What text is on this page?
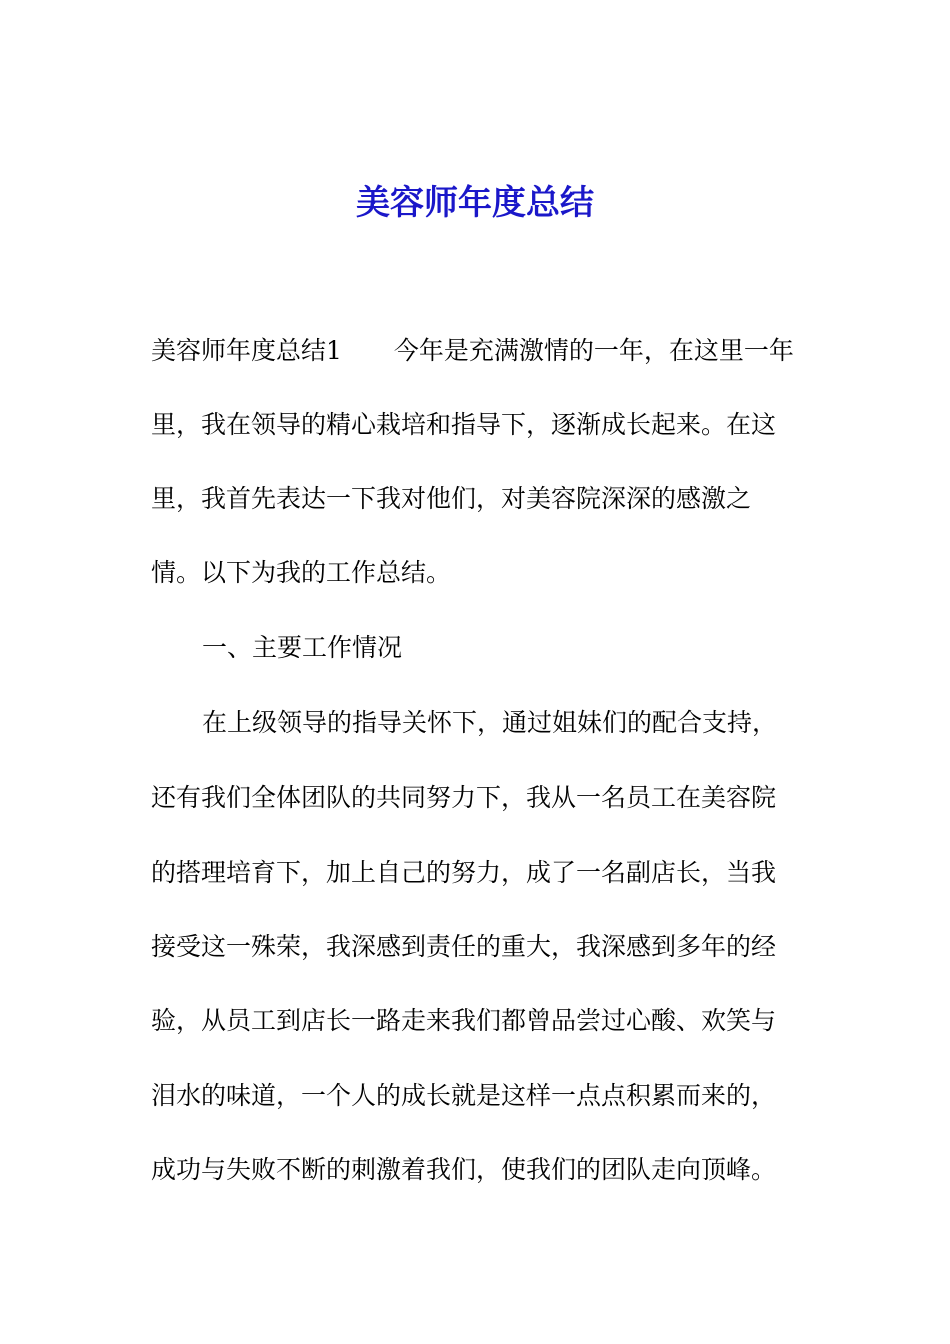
美容师年度总结

美容师年度总结1 今年是充满激情的一年，在这里一年

里，我在领导的精心栽培和指导下，逐渐成长起来。在这

里，我首先表达一下我对他们，对美容院深深的感激之

情。以下为我的工作总结。

一、主要工作情况

在上级领导的指导关怀下，通过姐妹们的配合支持，

还有我们全体团队的共同努力下，我从一名员工在美容院

的搭理培育下，加上自己的努力，成了一名副店长，当我

接受这一殊荣，我深感到责任的重大，我深感到多年的经

验，从员工到店长一路走来我们都曾品尝过心酸、欢笑与

泪水的味道，一个人的成长就是这样一点点积累而来的，

成功与失败不断的刺激着我们，使我们的团队走向顶峰。
